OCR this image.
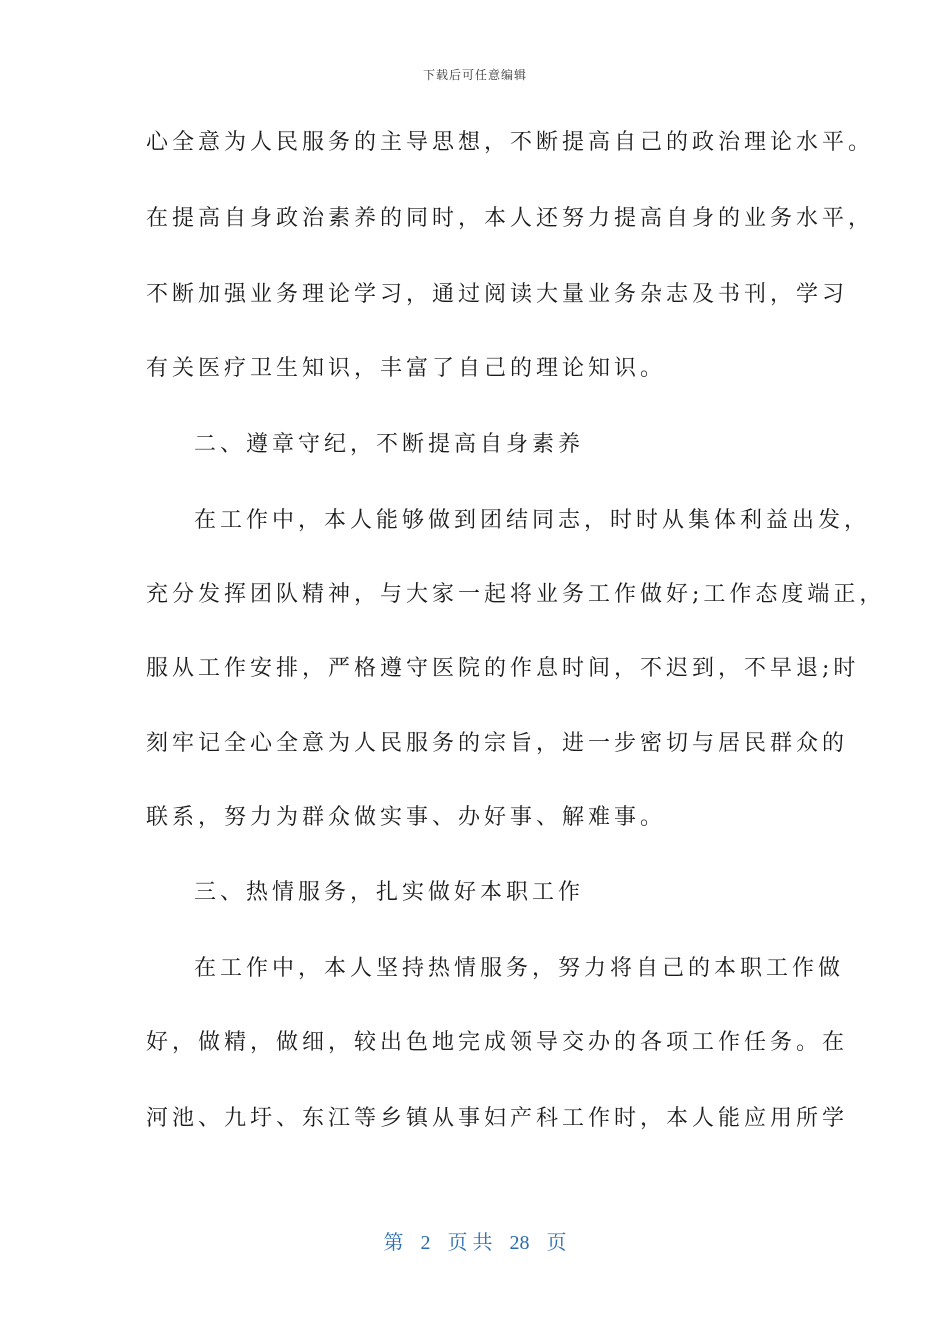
下载后可任意编辑
心全意为人民服务的主导思想，不断提高自己的政治理论水平。
在提高自身政治素养的同时，本人还努力提高自身的业务水平，
不断加强业务理论学习，通过阅读大量业务杂志及书刊，学习
有关医疗卫生知识，丰富了自己的理论知识。
二、遵章守纪，不断提高自身素养
在工作中，本人能够做到团结同志，时时从集体利益出发，
充分发挥团队精神，与大家一起将业务工作做好;工作态度端正，
服从工作安排，严格遵守医院的作息时间，不迟到，不早退;时
刻牢记全心全意为人民服务的宗旨，进一步密切与居民群众的
联系，努力为群众做实事、办好事、解难事。
三、热情服务，扎实做好本职工作
在工作中，本人坚持热情服务，努力将自己的本职工作做
好，做精，做细，较出色地完成领导交办的各项工作任务。在
河池、九圩、东江等乡镇从事妇产科工作时，本人能应用所学
第 2 页 共 28 页
